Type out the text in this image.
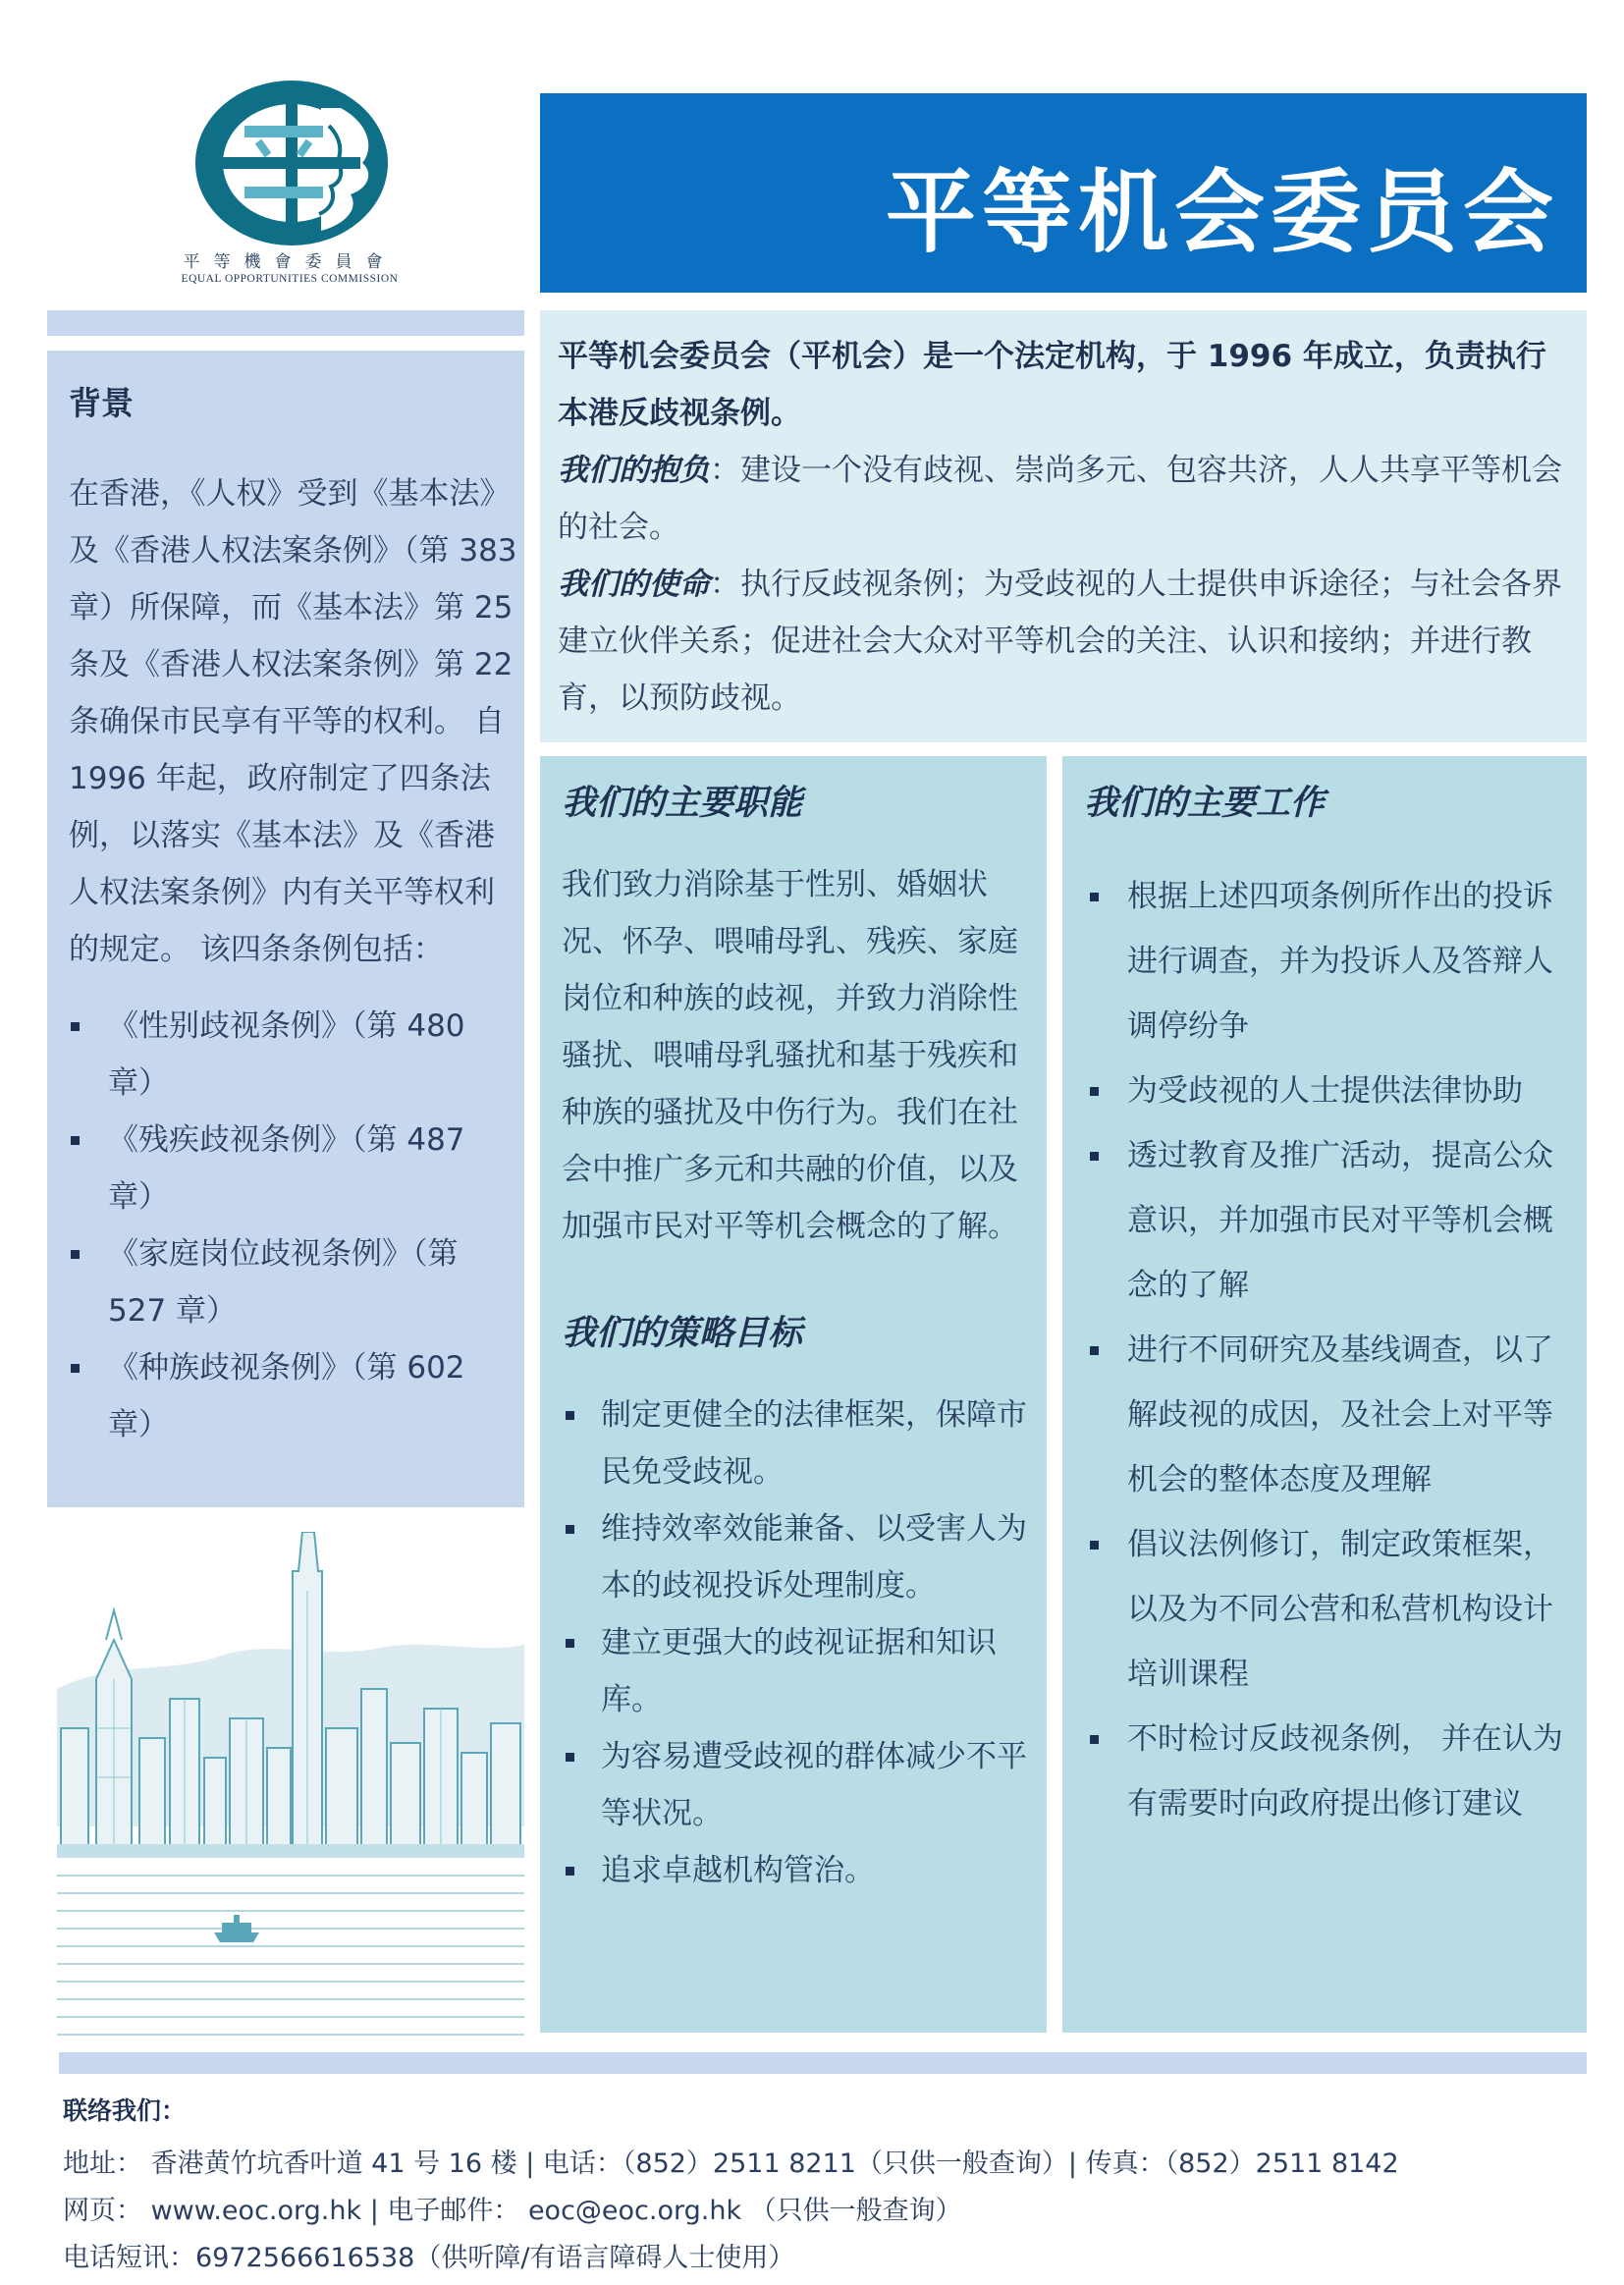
平等機會委員會
EQUAL OPPORTUNITIES COMMISSION
平等机会委员会
背景

在香港，《人权》受到《基本法》及《香港人权法案条例》（第 383 章）所保障，而《基本法》第 25 条及《香港人权法案条例》第 22 条确保市民享有平等的权利。 自 1996 年起，政府制定了四条法例，以落实《基本法》及《香港人权法案条例》内有关平等权利的规定。 该四条条例包括：

《性别歧视条例》（第 480 章）
《残疾歧视条例》（第 487 章）
《家庭岗位歧视条例》（第 527 章）
《种族歧视条例》（第 602 章）

平等机会委员会（平机会）是一个法定机构，于 1996 年成立，负责执行本港反歧视条例。

我们的抱负：建设一个没有歧视、崇尚多元、包容共济，人人共享平等机会的社会。

我们的使命：执行反歧视条例；为受歧视的人士提供申诉途径；与社会各界建立伙伴关系；促进社会大众对平等机会的关注、认识和接纳；并进行教育，以预防歧视。

我们的主要职能

我们致力消除基于性别、婚姻状况、怀孕、喂哺母乳、残疾、家庭岗位和种族的歧视，并致力消除性骚扰、喂哺母乳骚扰和基于残疾和种族的骚扰及中伤行为。我们在社会中推广多元和共融的价值，以及加强市民对平等机会概念的了解。

我们的策略目标
制定更健全的法律框架，保障市民免受歧视。
维持效率效能兼备、以受害人为本的歧视投诉处理制度。
建立更强大的歧视证据和知识库。
为容易遭受歧视的群体减少不平等状况。
追求卓越机构管治。
我们的主要工作
根据上述四项条例所作出的投诉进行调查，并为投诉人及答辩人调停纷争
为受歧视的人士提供法律协助
透过教育及推广活动，提高公众意识，并加强市民对平等机会概念的了解
进行不同研究及基线调查，以了解歧视的成因，及社会上对平等机会的整体态度及理解
倡议法例修订，制定政策框架，以及为不同公营和私营机构设计培训课程
不时检讨反歧视条例， 并在认为有需要时向政府提出修订建议
联络我们：
地址： 香港黄竹坑香叶道 41 号 16 楼 | 电话：（852）2511 8211（只供一般查询）| 传真：（852）2511 8142
网页： www.eoc.org.hk | 电子邮件： eoc@eoc.org.hk （只供一般查询）
电话短讯：6972566616538（供听障/有语言障碍人士使用）
